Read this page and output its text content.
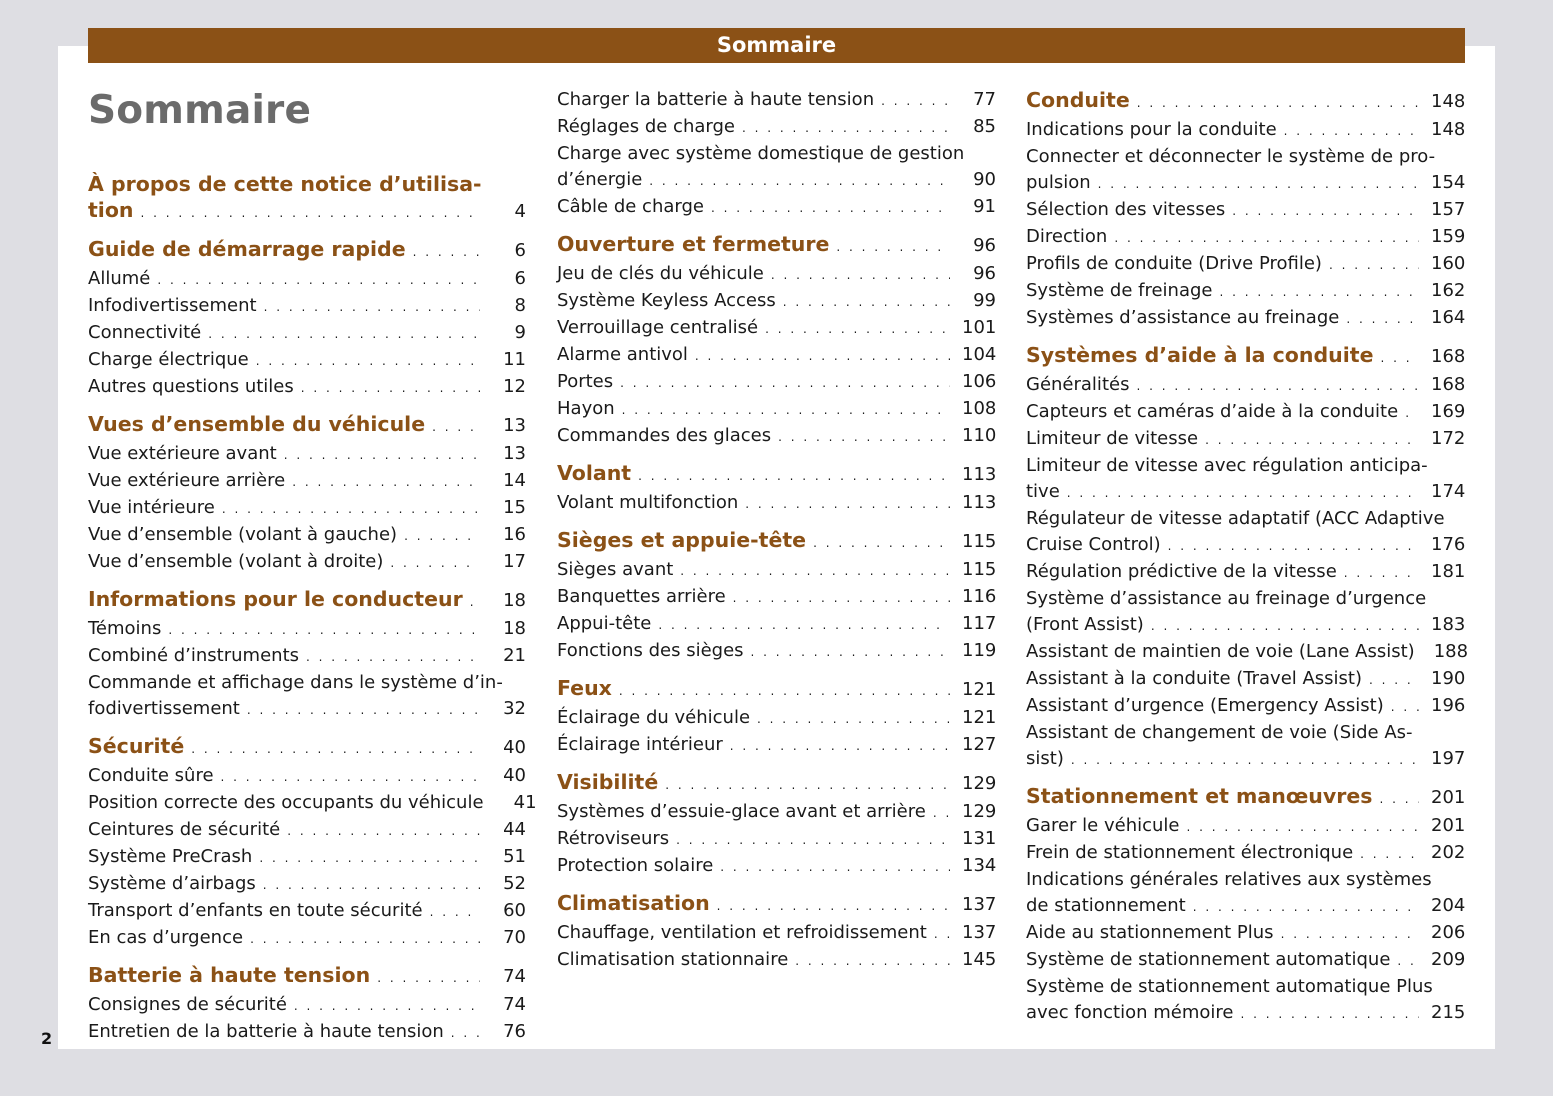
Sommaire
Sommaire
À propos de cette notice d’utilisa-
tion . . .	4
Guide de démarrage rapide . . .	6
Allumé . . .	6
Infodivertissement . . .	8
Connectivité . . .	9
Charge électrique . . .	11
Autres questions utiles . . .	12
Vues d’ensemble du véhicule . . .	13
Vue extérieure avant . . .	13
Vue extérieure arrière . . .	14
Vue intérieure . . .	15
Vue d’ensemble (volant à gauche) . . .	16
Vue d’ensemble (volant à droite) . . .	17
Informations pour le conducteur . . .	18
Témoins . . .	18
Combiné d’instruments . . .	21
Commande et affichage dans le système d’in-
fodivertissement . . .	32
Sécurité . . .	40
Conduite sûre . . .	40
Position correcte des occupants du véhicule	41
Ceintures de sécurité . . .	44
Système PreCrash . . .	51
Système d’airbags . . .	52
Transport d’enfants en toute sécurité . . .	60
En cas d’urgence . . .	70
Batterie à haute tension . . .	74
Consignes de sécurité . . .	74
Entretien de la batterie à haute tension . . .	76
Charger la batterie à haute tension . . .	77
Réglages de charge . . .	85
Charge avec système domestique de gestion
d’énergie . . .	90
Câble de charge . . .	91
Ouverture et fermeture . . .	96
Jeu de clés du véhicule . . .	96
Système Keyless Access . . .	99
Verrouillage centralisé . . .	101
Alarme antivol . . .	104
Portes . . .	106
Hayon . . .	108
Commandes des glaces . . .	110
Volant . . .	113
Volant multifonction . . .	113
Sièges et appuie-tête . . .	115
Sièges avant . . .	115
Banquettes arrière . . .	116
Appui-tête . . .	117
Fonctions des sièges . . .	119
Feux . . .	121
Éclairage du véhicule . . .	121
Éclairage intérieur . . .	127
Visibilité . . .	129
Systèmes d’essuie-glace avant et arrière . . . 129
Rétroviseurs . . .	131
Protection solaire . . .	134
Climatisation . . .	137
Chauffage, ventilation et refroidissement . . . 137
Climatisation stationnaire . . .	145
Conduite . . .	148
Indications pour la conduite . . .	148
Connecter et déconnecter le système de pro-
pulsion . . .	154
Sélection des vitesses . . .	157
Direction . . .	159
Profils de conduite (Drive Profile) . . .	160
Système de freinage . . .	162
Systèmes d’assistance au freinage . . .	164
Systèmes d’aide à la conduite . . .	168
Généralités . . .	168
Capteurs et caméras d’aide à la conduite . . . 169
Limiteur de vitesse . . .	172
Limiteur de vitesse avec régulation anticipa-
tive . . .	174
Régulateur de vitesse adaptatif (ACC Adaptive
Cruise Control) . . .	176
Régulation prédictive de la vitesse . . .	181
Système d’assistance au freinage d’urgence
(Front Assist) . . .	183
Assistant de maintien de voie (Lane Assist) 188
Assistant à la conduite (Travel Assist) . . .	190
Assistant d’urgence (Emergency Assist) . . .	196
Assistant de changement de voie (Side As-
sist) . . .	197
Stationnement et manœuvres . . .	201
Garer le véhicule . . .	201
Frein de stationnement électronique . . .	202
Indications générales relatives aux systèmes
de stationnement . . .	204
Aide au stationnement Plus . . .	206
Système de stationnement automatique . . . 209
Système de stationnement automatique Plus
avec fonction mémoire . . .	215
2
